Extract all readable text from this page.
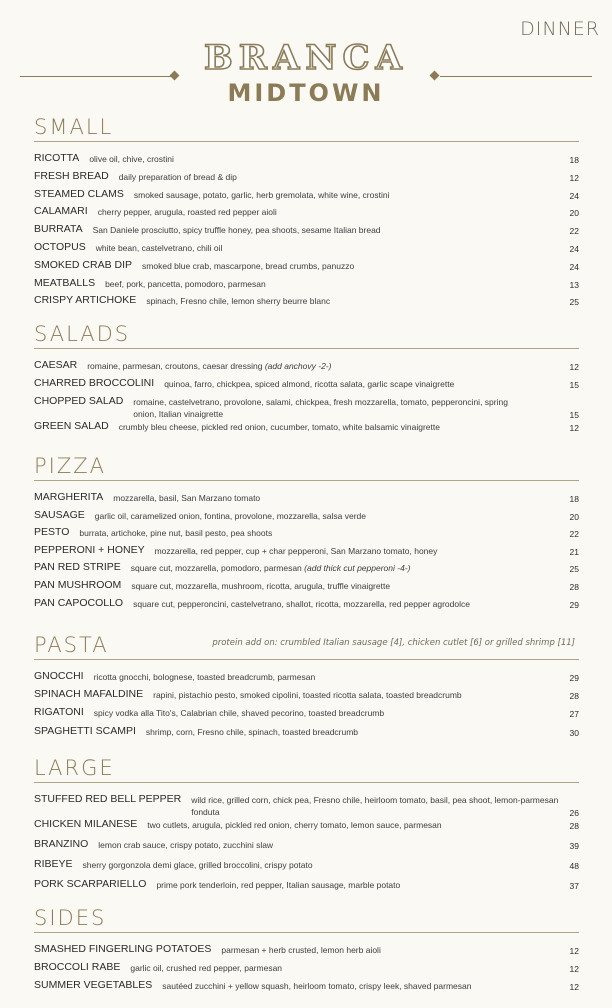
DINNER
BRANCA
MIDTOWN
SMALL
RICOTTA olive oil, chive, crostini	18
FRESH BREAD daily preparation of bread & dip	12
STEAMED CLAMS smoked sausage, potato, garlic, herb gremolata, white wine, crostini	24
CALAMARI cherry pepper, arugula, roasted red pepper aioli	20
BURRATA San Daniele prosciutto, spicy truffle honey, pea shoots, sesame Italian bread	22
OCTOPUS white bean, castelvetrano, chili oil	24
SMOKED CRAB DIP smoked blue crab, mascarpone, bread crumbs, panuzzo	24
MEATBALLS beef, pork, pancetta, pomodoro, parmesan	13
CRISPY ARTICHOKE spinach, Fresno chile, lemon sherry beurre blanc	25
SALADS
CAESAR romaine, parmesan, croutons, caesar dressing (add anchovy -2-)	12
CHARRED BROCCOLINI quinoa, farro, chickpea, spiced almond, ricotta salata, garlic scape vinaigrette	15
CHOPPED SALAD romaine, castelvetrano, provolone, salami, chickpea, fresh mozzarella, tomato, pepperoncini, spring onion, Italian vinaigrette	15
GREEN SALAD crumbly bleu cheese, pickled red onion, cucumber, tomato, white balsamic vinaigrette	12
PIZZA
MARGHERITA mozzarella, basil, San Marzano tomato	18
SAUSAGE garlic oil, caramelized onion, fontina, provolone, mozzarella, salsa verde	20
PESTO burrata, artichoke, pine nut, basil pesto, pea shoots	22
PEPPERONI + HONEY mozzarella, red pepper, cup + char pepperoni, San Marzano tomato, honey	21
PAN RED STRIPE square cut, mozzarella, pomodoro, parmesan (add thick cut pepperoni -4-)	25
PAN MUSHROOM square cut, mozzarella, mushroom, ricotta, arugula, truffle vinaigrette	28
PAN CAPOCOLLO square cut, pepperoncini, castelvetrano, shallot, ricotta, mozzarella, red pepper agrodolce	29
PASTA	protein add on: crumbled Italian sausage [4], chicken cutlet [6] or grilled shrimp [11]
GNOCCHI ricotta gnocchi, bolognese, toasted breadcrumb, parmesan	29
SPINACH MAFALDINE rapini, pistachio pesto, smoked cipolini, toasted ricotta salata, toasted breadcrumb	28
RIGATONI spicy vodka alla Tito's, Calabrian chile, shaved pecorino, toasted breadcrumb	27
SPAGHETTI SCAMPI shrimp, corn, Fresno chile, spinach, toasted breadcrumb	30
LARGE
STUFFED RED BELL PEPPER wild rice, grilled corn, chick pea, Fresno chile, heirloom tomato, basil, pea shoot, lemon-parmesan fonduta	26
CHICKEN MILANESE two cutlets, arugula, pickled red onion, cherry tomato, lemon sauce, parmesan	28
BRANZINO lemon crab sauce, crispy potato, zucchini slaw	39
RIBEYE sherry gorgonzola demi glace, grilled broccolini, crispy potato	48
PORK SCARPARIELLO prime pork tenderloin, red pepper, Italian sausage, marble potato	37
SIDES
SMASHED FINGERLING POTATOES parmesan + herb crusted, lemon herb aioli	12
BROCCOLI RABE garlic oil, crushed red pepper, parmesan	12
SUMMER VEGETABLES sautéed zucchini + yellow squash, heirloom tomato, crispy leek, shaved parmesan	12
